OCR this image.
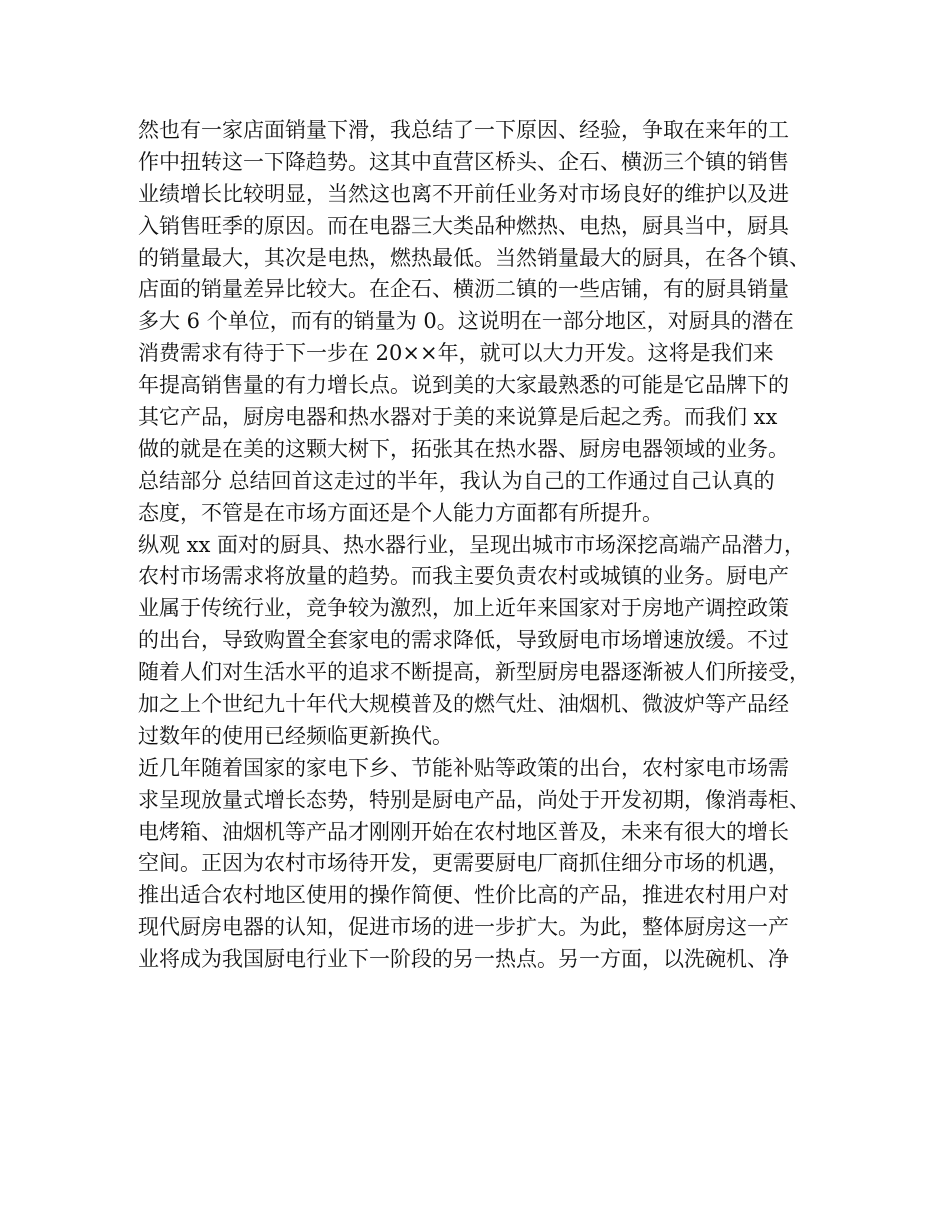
然也有一家店面销量下滑，我总结了一下原因、经验，争取在来年的工
作中扭转这一下降趋势。这其中直营区桥头、企石、横沥三个镇的销售
业绩增长比较明显，当然这也离不开前任业务对市场良好的维护以及进
入销售旺季的原因。而在电器三大类品种燃热、电热，厨具当中，厨具
的销量最大，其次是电热，燃热最低。当然销量最大的厨具，在各个镇、
店面的销量差异比较大。在企石、横沥二镇的一些店铺，有的厨具销量
多大 6 个单位，而有的销量为 0。这说明在一部分地区，对厨具的潜在
消费需求有待于下一步在 20××年，就可以大力开发。这将是我们来
年提高销售量的有力增长点。说到美的大家最熟悉的可能是它品牌下的
其它产品，厨房电器和热水器对于美的来说算是后起之秀。而我们 xx
做的就是在美的这颗大树下，拓张其在热水器、厨房电器领域的业务。
总结部分 总结回首这走过的半年，我认为自己的工作通过自己认真的
态度，不管是在市场方面还是个人能力方面都有所提升。
纵观 xx 面对的厨具、热水器行业，呈现出城市市场深挖高端产品潜力，
农村市场需求将放量的趋势。而我主要负责农村或城镇的业务。厨电产
业属于传统行业，竞争较为激烈，加上近年来国家对于房地产调控政策
的出台，导致购置全套家电的需求降低，导致厨电市场增速放缓。不过
随着人们对生活水平的追求不断提高，新型厨房电器逐渐被人们所接受，
加之上个世纪九十年代大规模普及的燃气灶、油烟机、微波炉等产品经
过数年的使用已经频临更新换代。
近几年随着国家的家电下乡、节能补贴等政策的出台，农村家电市场需
求呈现放量式增长态势，特别是厨电产品，尚处于开发初期，像消毒柜、
电烤箱、油烟机等产品才刚刚开始在农村地区普及，未来有很大的增长
空间。正因为农村市场待开发，更需要厨电厂商抓住细分市场的机遇，
推出适合农村地区使用的操作简便、性价比高的产品，推进农村用户对
现代厨房电器的认知，促进市场的进一步扩大。为此，整体厨房这一产
业将成为我国厨电行业下一阶段的另一热点。另一方面，以洗碗机、净
